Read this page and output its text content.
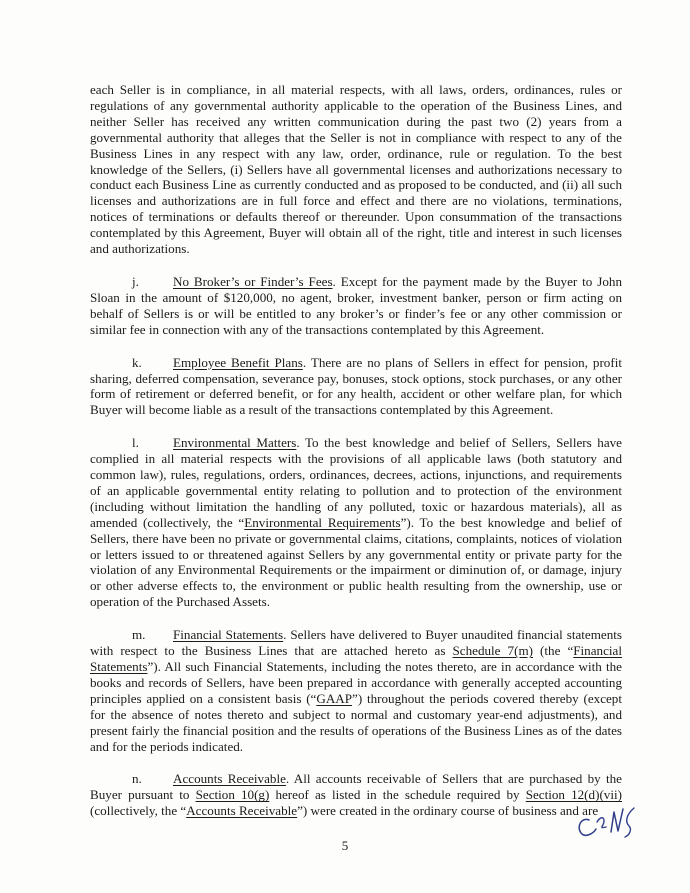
each Seller is in compliance, in all material respects, with all laws, orders, ordinances, rules or regulations of any governmental authority applicable to the operation of the Business Lines, and neither Seller has received any written communication during the past two (2) years from a governmental authority that alleges that the Seller is not in compliance with respect to any of the Business Lines in any respect with any law, order, ordinance, rule or regulation. To the best knowledge of the Sellers, (i) Sellers have all governmental licenses and authorizations necessary to conduct each Business Line as currently conducted and as proposed to be conducted, and (ii) all such licenses and authorizations are in full force and effect and there are no violations, terminations, notices of terminations or defaults thereof or thereunder. Upon consummation of the transactions contemplated by this Agreement, Buyer will obtain all of the right, title and interest in such licenses and authorizations.

j.	No Broker’s or Finder’s Fees. Except for the payment made by the Buyer to John Sloan in the amount of $120,000, no agent, broker, investment banker, person or firm acting on behalf of Sellers is or will be entitled to any broker’s or finder’s fee or any other commission or similar fee in connection with any of the transactions contemplated by this Agreement.

k. Employee Benefit Plans. There are no plans of Sellers in effect for pension, profit sharing, deferred compensation, severance pay, bonuses, stock options, stock purchases, or any other form of retirement or deferred benefit, or for any health, accident or other welfare plan, for which Buyer will become liable as a result of the transactions contemplated by this Agreement.

l.	Environmental Matters. To the best knowledge and belief of Sellers, Sellers have complied in all material respects with the provisions of all applicable laws (both statutory and common law), rules, regulations, orders, ordinances, decrees, actions, injunctions, and requirements of an applicable governmental entity relating to pollution and to protection of the environment (including without limitation the handling of any polluted, toxic or hazardous materials), all as amended (collectively, the “Environmental Requirements”). To the best knowledge and belief of Sellers, there have been no private or governmental claims, citations, complaints, notices of violation or letters issued to or threatened against Sellers by any governmental entity or private party for the violation of any Environmental Requirements or the impairment or diminution of, or damage, injury or other adverse effects to, the environment or public health resulting from the ownership, use or operation of the Purchased Assets.

m. Financial Statements. Sellers have delivered to Buyer unaudited financial statements with respect to the Business Lines that are attached hereto as Schedule 7(m) (the “Financial Statements”). All such Financial Statements, including the notes thereto, are in accordance with the books and records of Sellers, have been prepared in accordance with generally accepted accounting principles applied on a consistent basis (“GAAP”) throughout the periods covered thereby (except for the absence of notes thereto and subject to normal and customary year-end adjustments), and present fairly the financial position and the results of operations of the Business Lines as of the dates and for the periods indicated.

n. Accounts Receivable. All accounts receivable of Sellers that are purchased by the Buyer pursuant to Section 10(g) hereof as listed in the schedule required by Section 12(d)(vii) (collectively, the “Accounts Receivable”) were created in the ordinary course of business and are

5
